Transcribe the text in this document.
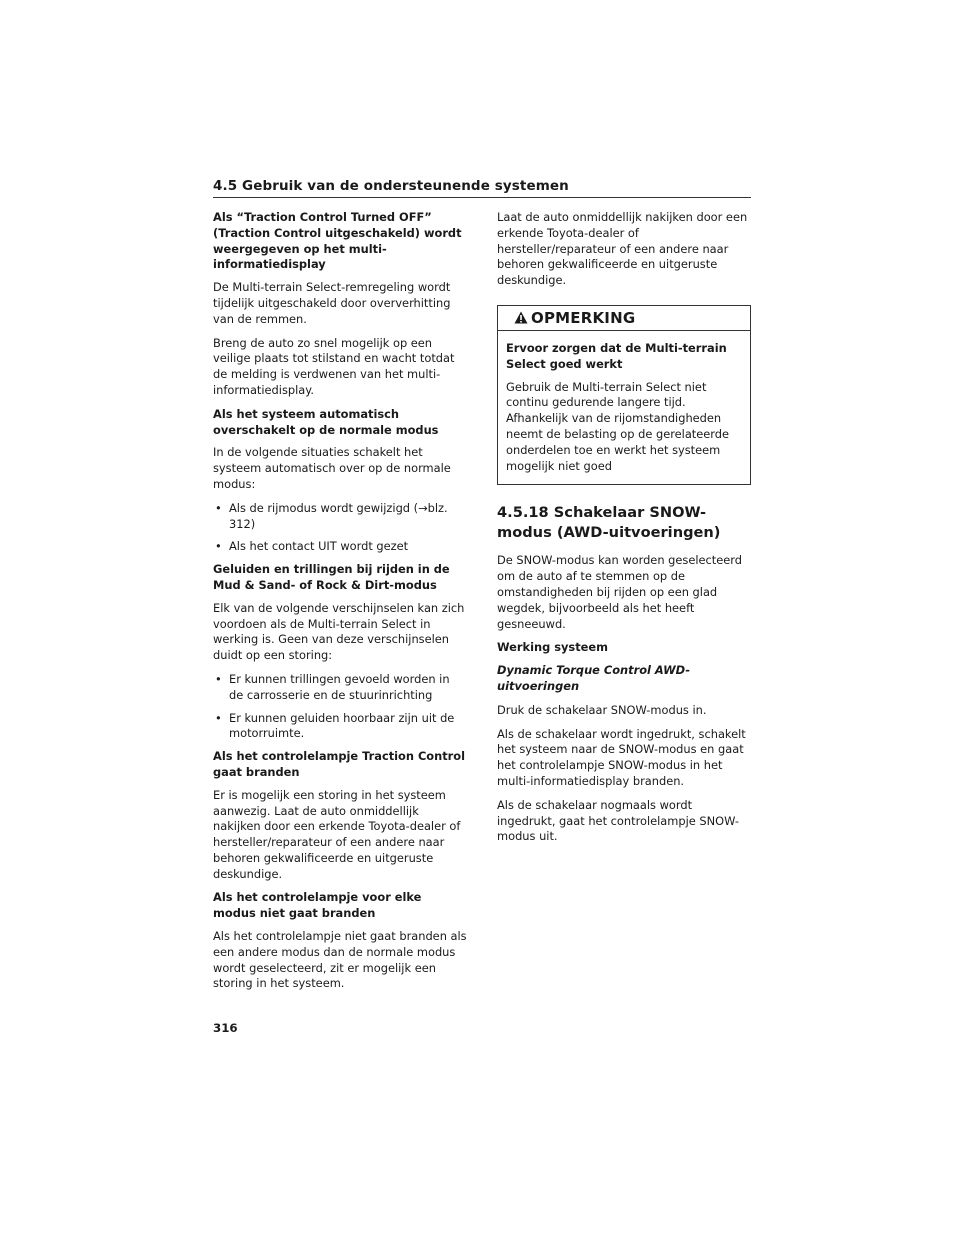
4.5 Gebruik van de ondersteunende systemen

Als “Traction Control Turned OFF” (Traction Control uitgeschakeld) wordt weergegeven op het multi-informatiedisplay

De Multi-terrain Select-remregeling wordt tijdelijk uitgeschakeld door oververhitting van de remmen.

Breng de auto zo snel mogelijk op een veilige plaats tot stilstand en wacht totdat de melding is verdwenen van het multi-informatiedisplay.

Als het systeem automatisch overschakelt op de normale modus

In de volgende situaties schakelt het systeem automatisch over op de normale modus:

• Als de rijmodus wordt gewijzigd (→blz. 312)
• Als het contact UIT wordt gezet

Geluiden en trillingen bij rijden in de Mud & Sand- of Rock & Dirt-modus

Elk van de volgende verschijnselen kan zich voordoen als de Multi-terrain Select in werking is. Geen van deze verschijnselen duidt op een storing:

• Er kunnen trillingen gevoeld worden in de carrosserie en de stuurinrichting
• Er kunnen geluiden hoorbaar zijn uit de motorruimte.

Als het controlelampje Traction Control gaat branden

Er is mogelijk een storing in het systeem aanwezig. Laat de auto onmiddellijk nakijken door een erkende Toyota-dealer of hersteller/reparateur of een andere naar behoren gekwalificeerde en uitgeruste deskundige.

Als het controlelampje voor elke modus niet gaat branden

Als het controlelampje niet gaat branden als een andere modus dan de normale modus wordt geselecteerd, zit er mogelijk een storing in het systeem.

Laat de auto onmiddellijk nakijken door een erkende Toyota-dealer of hersteller/reparateur of een andere naar behoren gekwalificeerde en uitgeruste deskundige.

OPMERKING

Ervoor zorgen dat de Multi-terrain Select goed werkt

Gebruik de Multi-terrain Select niet continu gedurende langere tijd. Afhankelijk van de rijomstandigheden neemt de belasting op de gerelateerde onderdelen toe en werkt het systeem mogelijk niet goed

4.5.18 Schakelaar SNOW-modus (AWD-uitvoeringen)

De SNOW-modus kan worden geselecteerd om de auto af te stemmen op de omstandigheden bij rijden op een glad wegdek, bijvoorbeeld als het heeft gesneeuwd.

Werking systeem

Dynamic Torque Control AWD-uitvoeringen

Druk de schakelaar SNOW-modus in.

Als de schakelaar wordt ingedrukt, schakelt het systeem naar de SNOW-modus en gaat het controlelampje SNOW-modus in het multi-informatiedisplay branden.

Als de schakelaar nogmaals wordt ingedrukt, gaat het controlelampje SNOW-modus uit.

316
